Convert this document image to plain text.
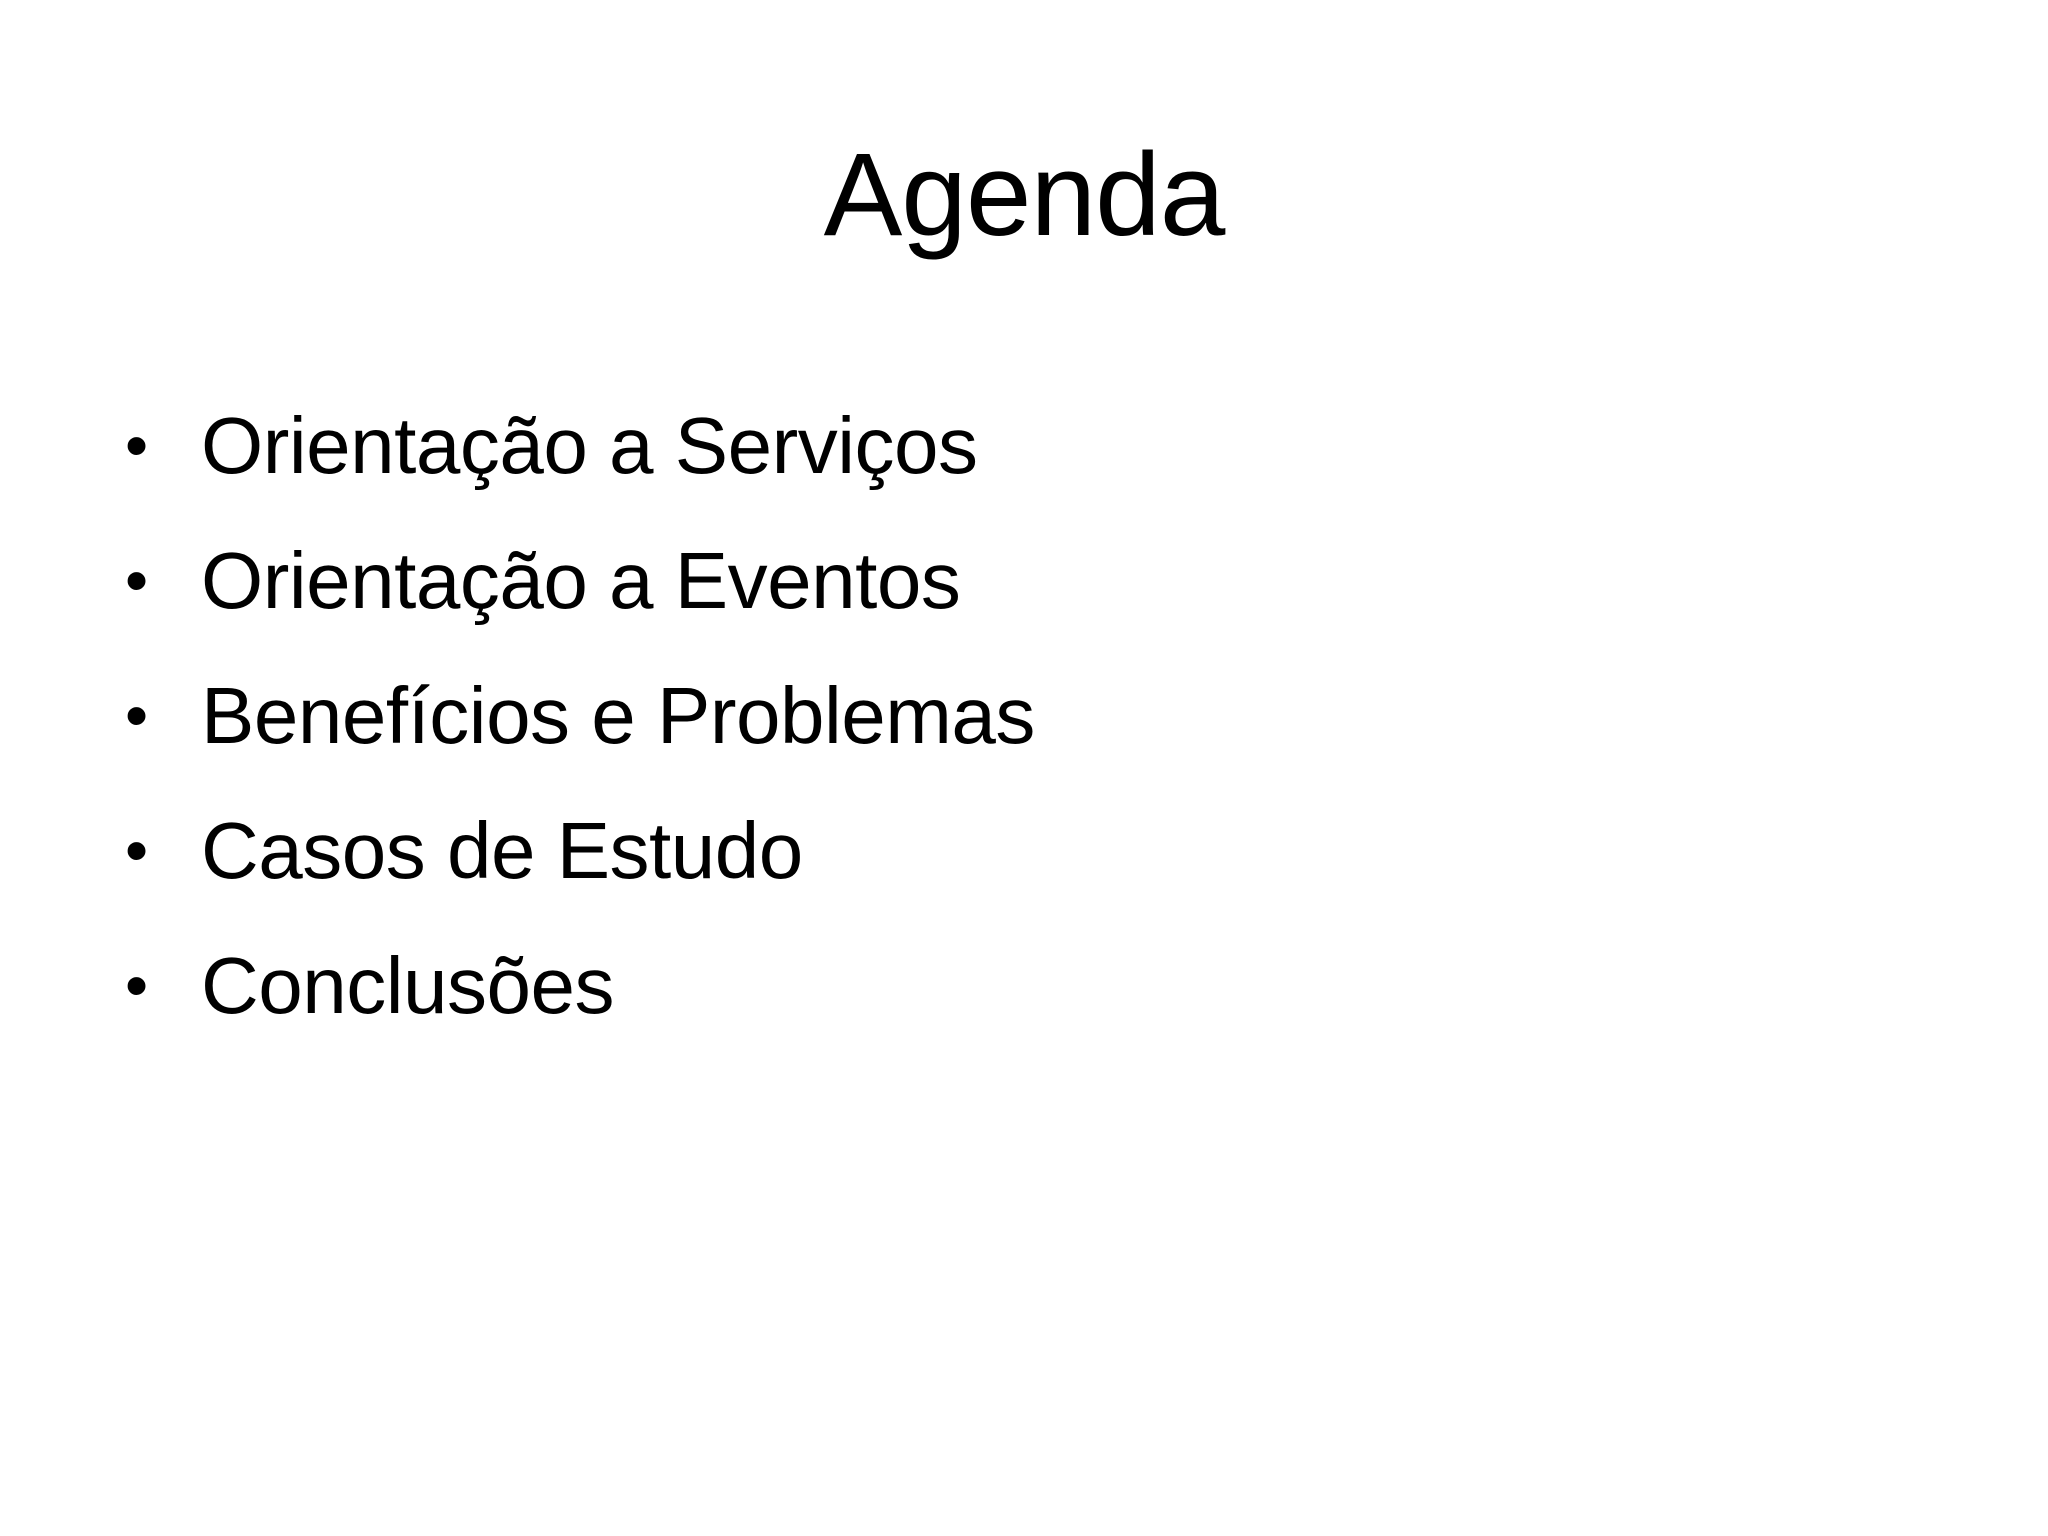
Agenda
• Orientação a Serviços
• Orientação a Eventos
• Benefícios e Problemas
• Casos de Estudo
• Conclusões
